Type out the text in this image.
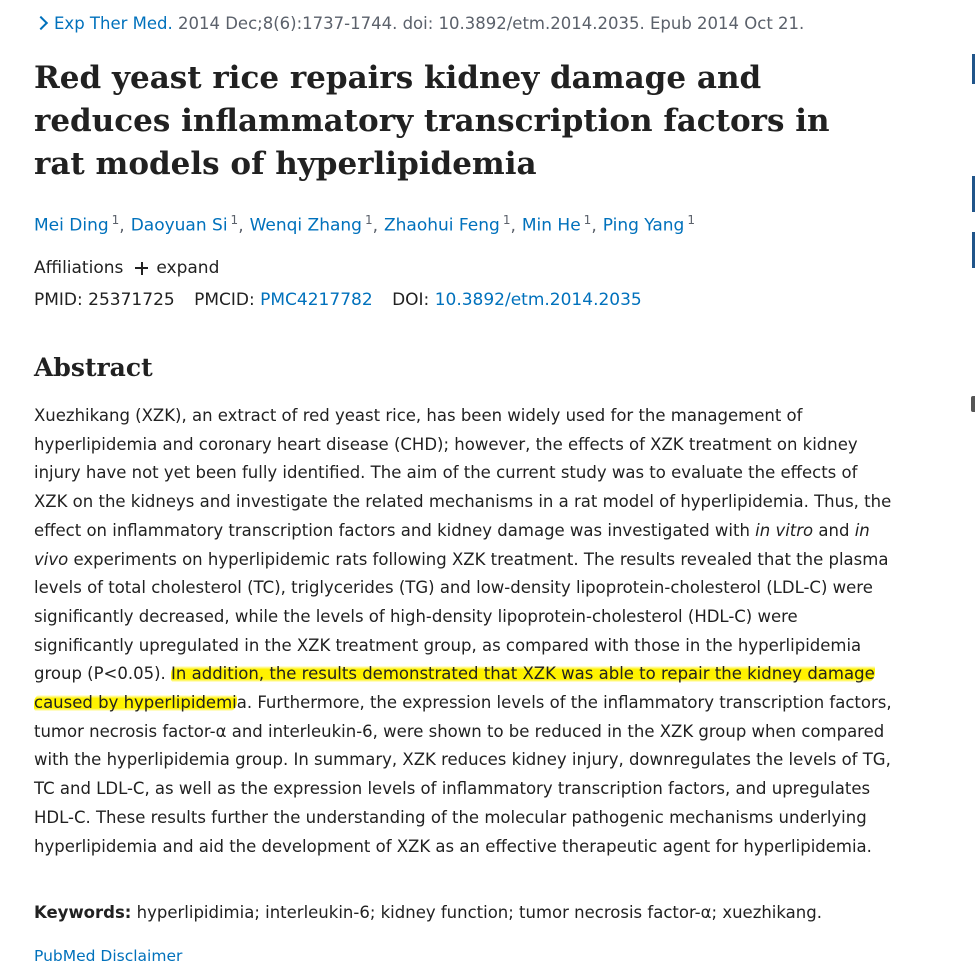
Exp Ther Med. 2014 Dec;8(6):1737-1744. doi: 10.3892/etm.2014.2035. Epub 2014 Oct 21.
Red yeast rice repairs kidney damage and reduces inflammatory transcription factors in rat models of hyperlipidemia
Mei Ding $^1$, Daoyuan Si $^1$, Wenqi Zhang $^1$, Zhaohui Feng $^1$, Min He $^1$, Ping Yang $^1$
Affiliations expand
PMID: 25371725 PMCID: PMC4217782 DOI: 10.3892/etm.2014.2035
Abstract

Xuezhikang (XZK), an extract of red yeast rice, has been widely used for the management of hyperlipidemia and coronary heart disease (CHD); however, the effects of XZK treatment on kidney injury have not yet been fully identified. The aim of the current study was to evaluate the effects of XZK on the kidneys and investigate the related mechanisms in a rat model of hyperlipidemia. Thus, the effect on inflammatory transcription factors and kidney damage was investigated with in vitro and in vivo experiments on hyperlipidemic rats following XZK treatment. The results revealed that the plasma levels of total cholesterol (TC), triglycerides (TG) and low-density lipoprotein-cholesterol (LDL-C) were significantly decreased, while the levels of high-density lipoprotein-cholesterol (HDL-C) were significantly upregulated in the XZK treatment group, as compared with those in the hyperlipidemia group (P<0.05). In addition, the results demonstrated that XZK was able to repair the kidney damage caused by hyperlipidemia. Furthermore, the expression levels of the inflammatory transcription factors, tumor necrosis factor-α and interleukin-6, were shown to be reduced in the XZK group when compared with the hyperlipidemia group. In summary, XZK reduces kidney injury, downregulates the levels of TG, TC and LDL-C, as well as the expression levels of inflammatory transcription factors, and upregulates HDL-C. These results further the understanding of the molecular pathogenic mechanisms underlying hyperlipidemia and aid the development of XZK as an effective therapeutic agent for hyperlipidemia.

Keywords: hyperlipidimia; interleukin-6; kidney function; tumor necrosis factor-α; xuezhikang.
PubMed Disclaimer
